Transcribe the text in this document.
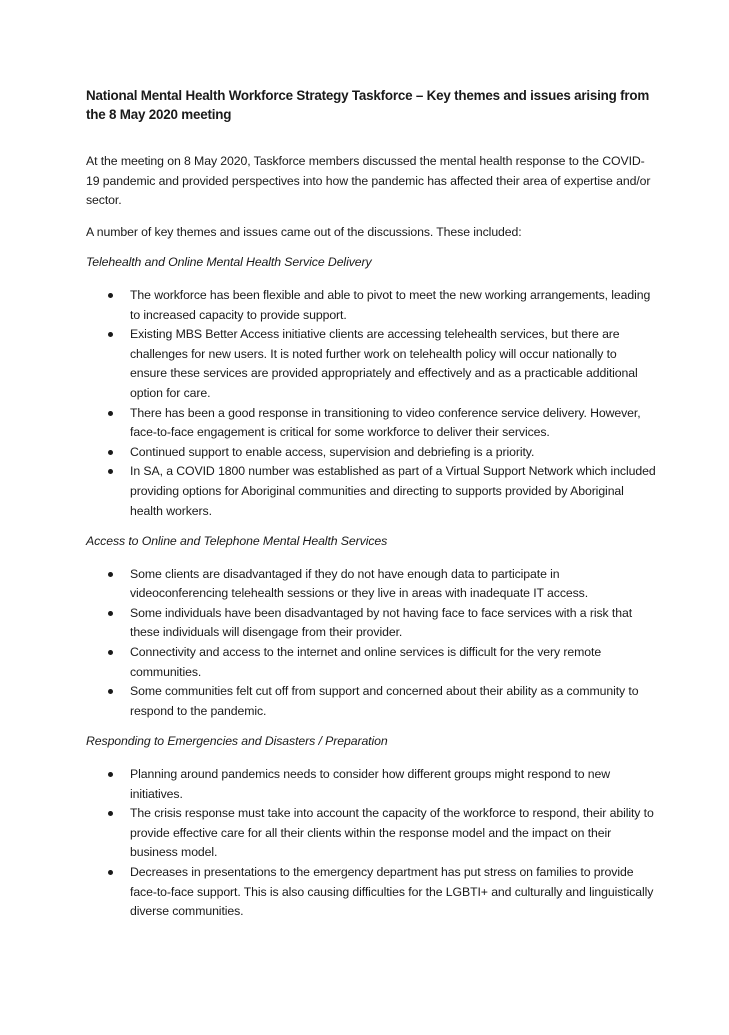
National Mental Health Workforce Strategy Taskforce – Key themes and issues arising from the 8 May 2020 meeting

At the meeting on 8 May 2020, Taskforce members discussed the mental health response to the COVID-19 pandemic and provided perspectives into how the pandemic has affected their area of expertise and/or sector.

A number of key themes and issues came out of the discussions. These included:

Telehealth and Online Mental Health Service Delivery

The workforce has been flexible and able to pivot to meet the new working arrangements, leading to increased capacity to provide support.
Existing MBS Better Access initiative clients are accessing telehealth services, but there are challenges for new users. It is noted further work on telehealth policy will occur nationally to ensure these services are provided appropriately and effectively and as a practicable additional option for care.
There has been a good response in transitioning to video conference service delivery. However, face-to-face engagement is critical for some workforce to deliver their services.
Continued support to enable access, supervision and debriefing is a priority.
In SA, a COVID 1800 number was established as part of a Virtual Support Network which included providing options for Aboriginal communities and directing to supports provided by Aboriginal health workers.

Access to Online and Telephone Mental Health Services

Some clients are disadvantaged if they do not have enough data to participate in videoconferencing telehealth sessions or they live in areas with inadequate IT access.
Some individuals have been disadvantaged by not having face to face services with a risk that these individuals will disengage from their provider.
Connectivity and access to the internet and online services is difficult for the very remote communities.
Some communities felt cut off from support and concerned about their ability as a community to respond to the pandemic.

Responding to Emergencies and Disasters / Preparation

Planning around pandemics needs to consider how different groups might respond to new initiatives.
The crisis response must take into account the capacity of the workforce to respond, their ability to provide effective care for all their clients within the response model and the impact on their business model.
Decreases in presentations to the emergency department has put stress on families to provide face-to-face support. This is also causing difficulties for the LGBTI+ and culturally and linguistically diverse communities.
